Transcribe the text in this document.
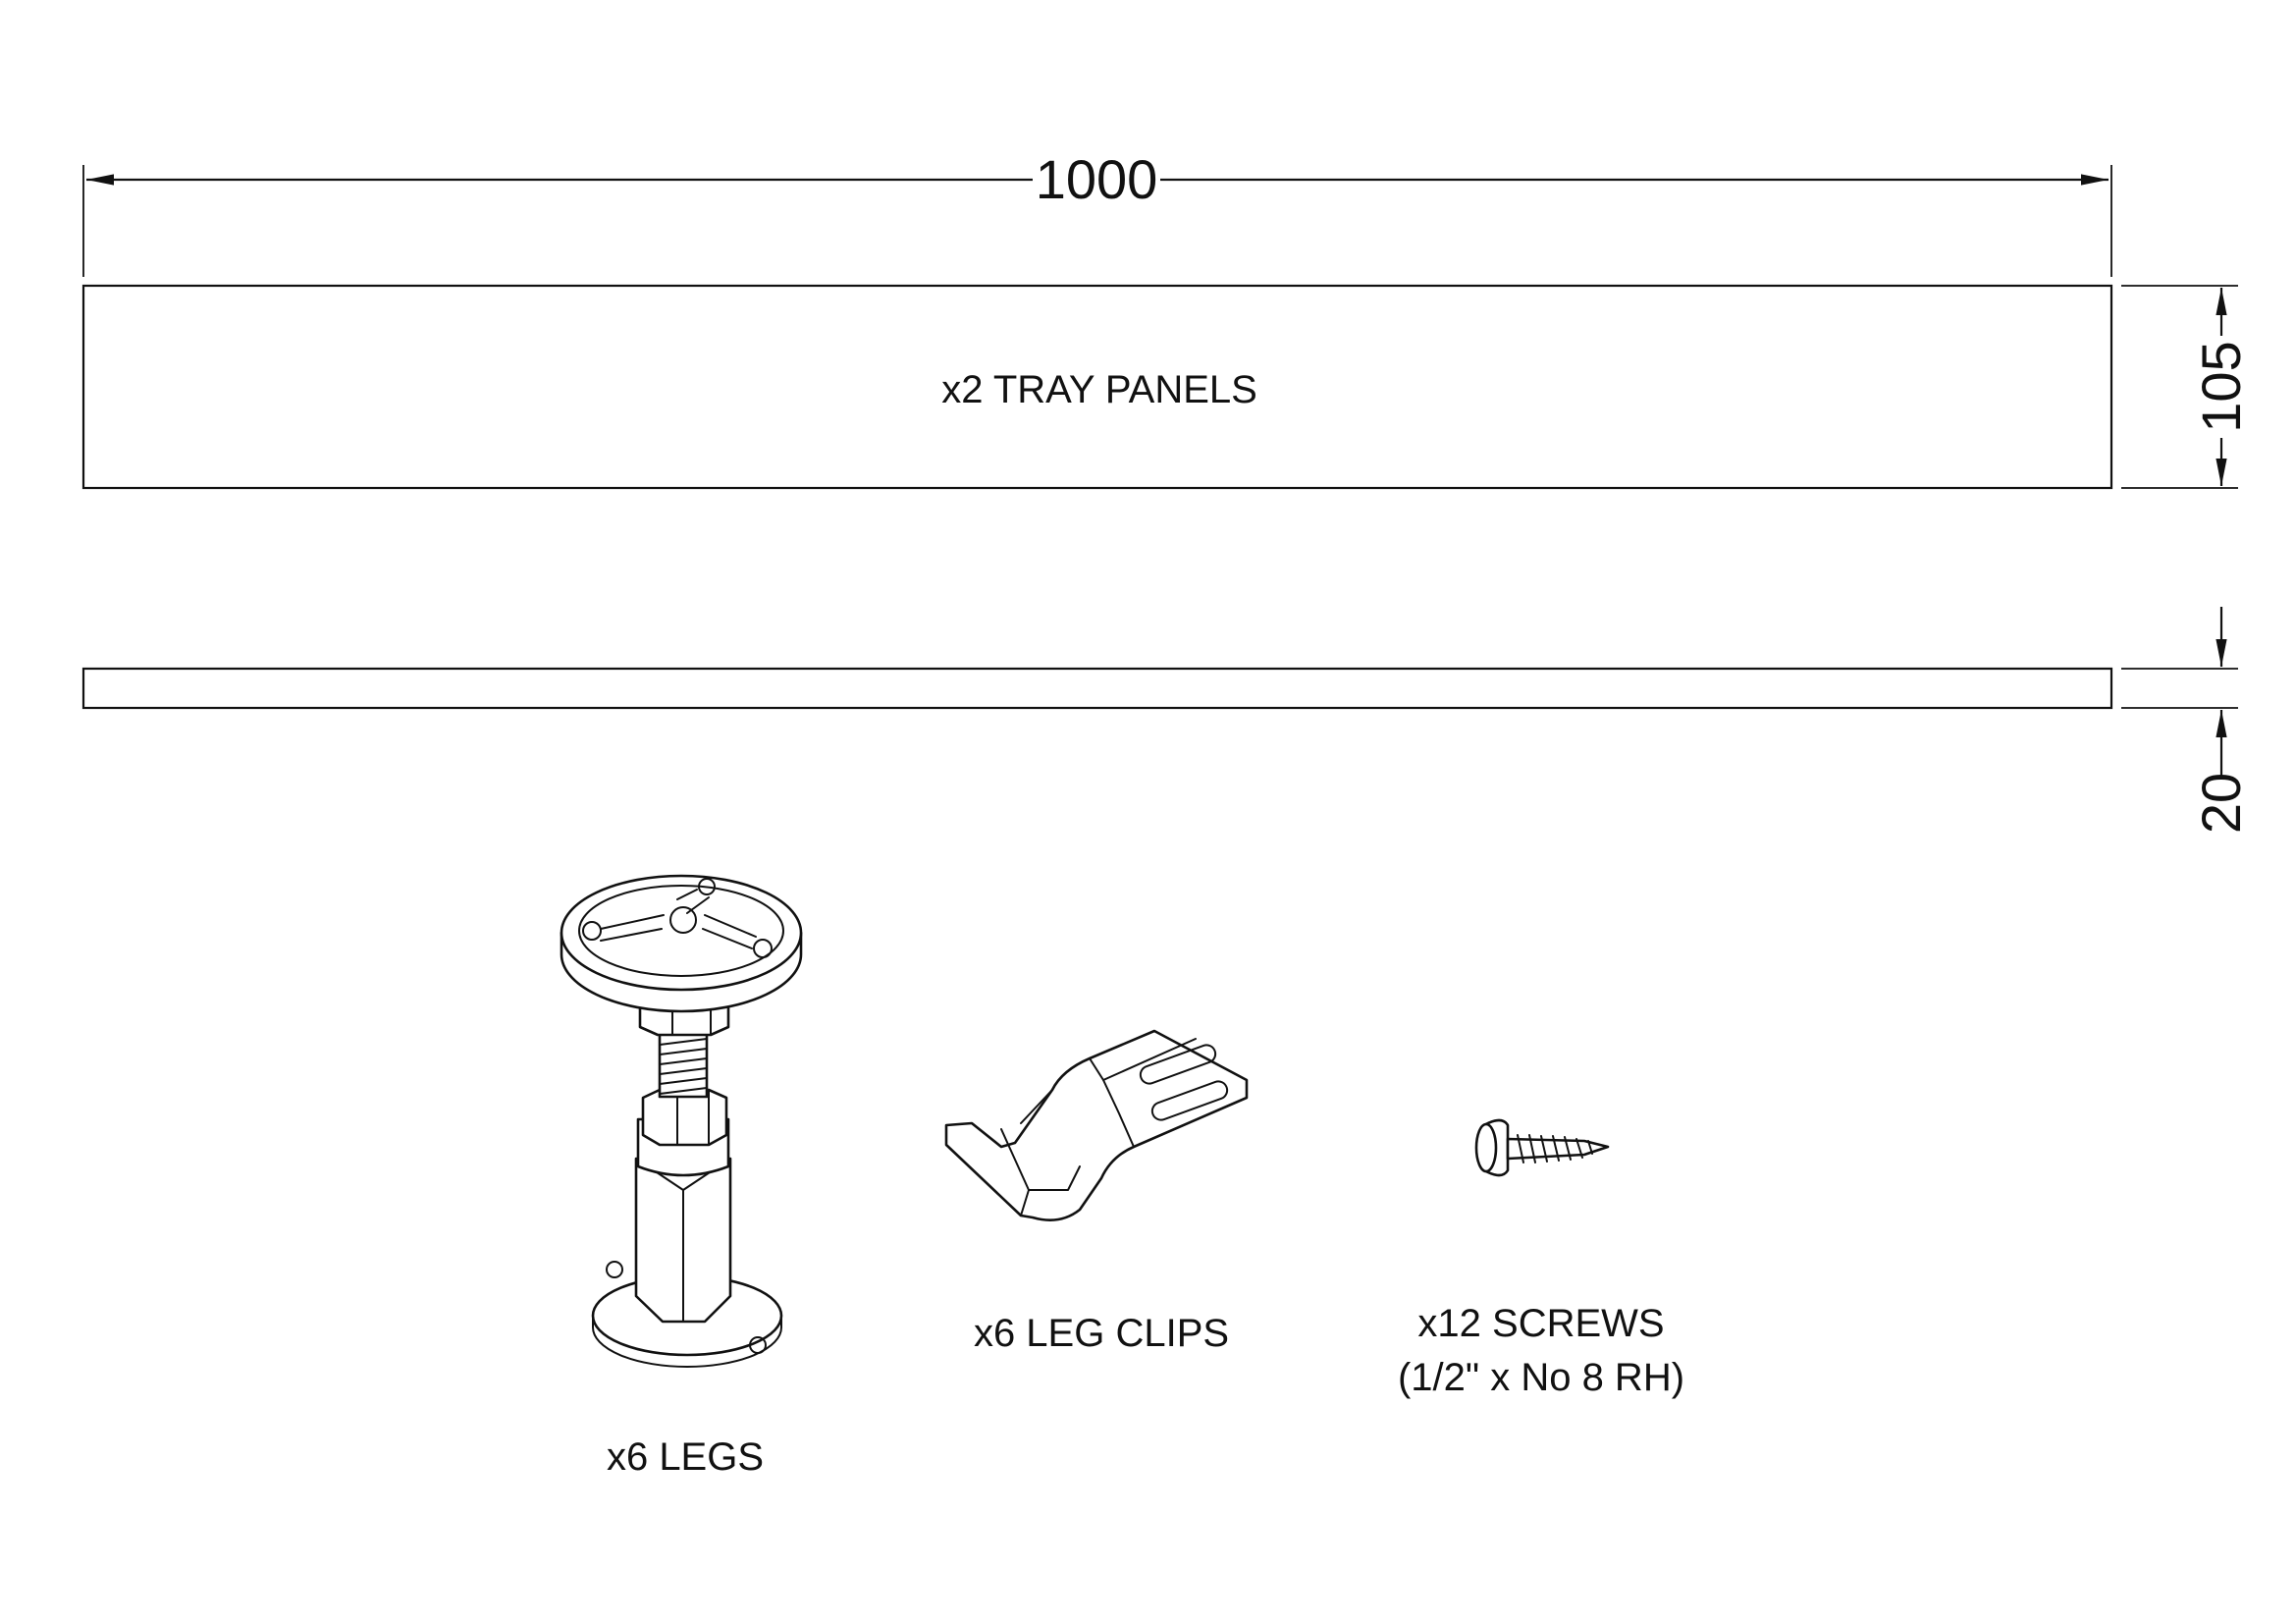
1000
x2 TRAY PANELS	105
20
x6 LEGS
x6 LEG CLIPS	x12 SCREWS
(1/2" x No 8 RH)
